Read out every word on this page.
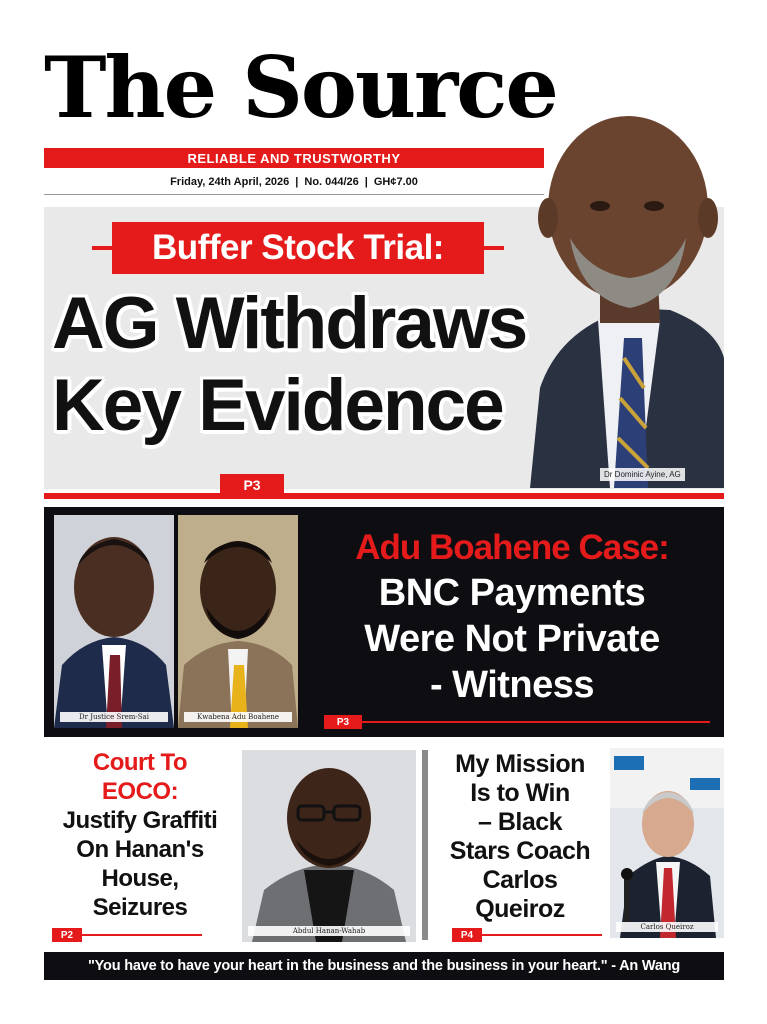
The Source
RELIABLE AND TRUSTWORTHY
Friday, 24th April, 2026 | No. 044/26 | GH¢7.00
Buffer Stock Trial:
AG Withdraws
Key Evidence
Dr Dominic Ayine, AG
P3
Dr Justice Srem-Sai	Kwabena Adu Boahene
Adu Boahene Case:
BNC Payments
Were Not Private
- Witness
P3
Court To
EOCO:
Justify Graffiti
On Hanan's
House,
Seizures
P2	Abdul Hanan-Wahab
My Mission
Is to Win
– Black
Stars Coach
Carlos
Queiroz
P4
Carlos Queiroz
"You have to have your heart in the business and the business in your heart." - An Wang
